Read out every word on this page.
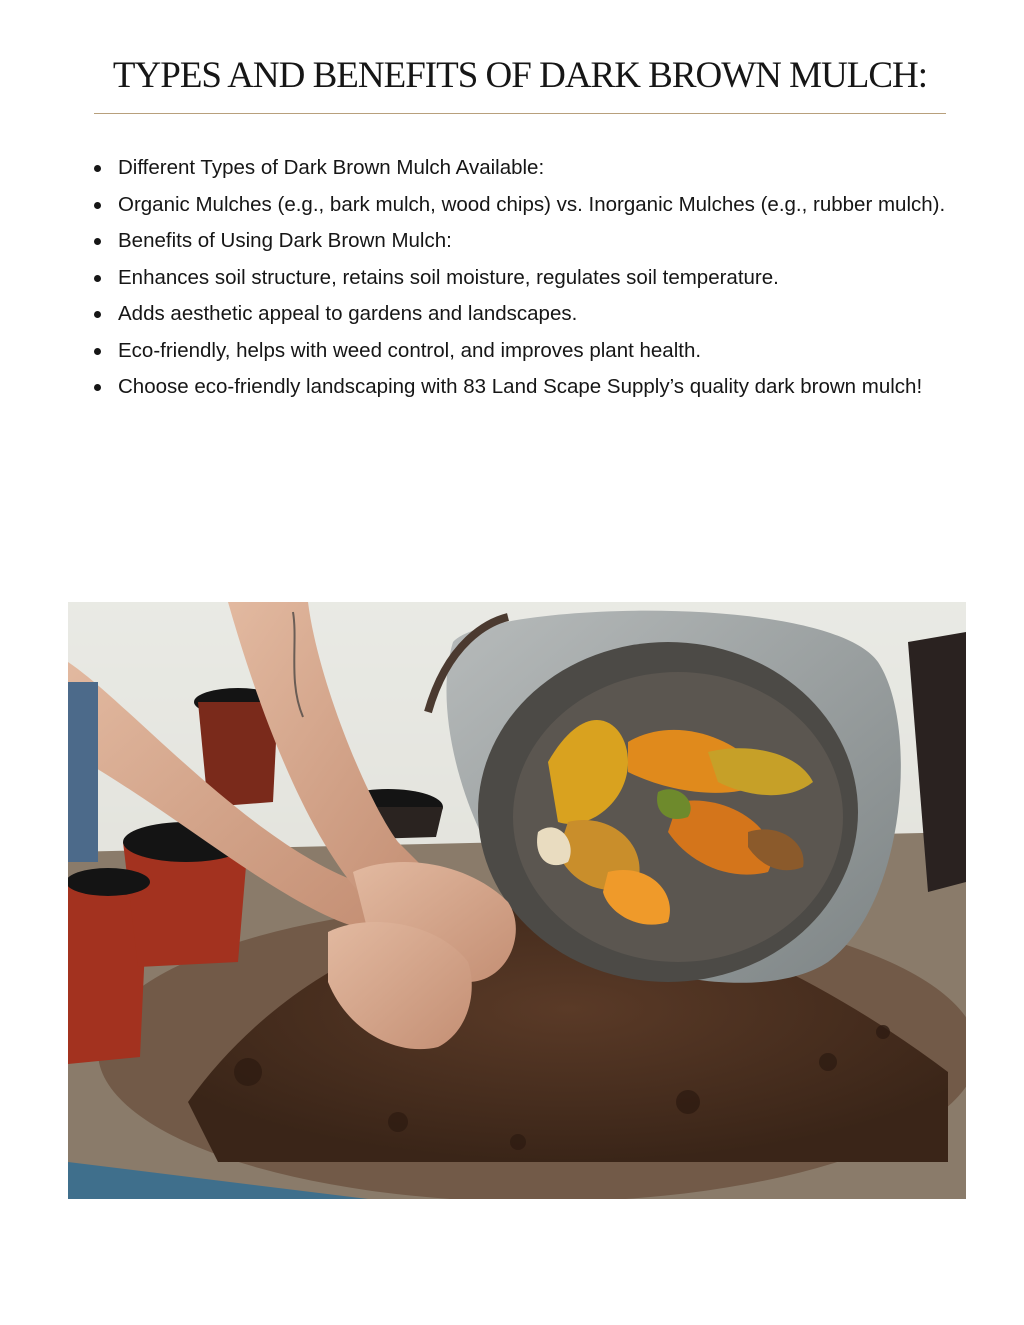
TYPES AND BENEFITS OF DARK BROWN MULCH:
Different Types of Dark Brown Mulch Available:
Organic Mulches (e.g., bark mulch, wood chips) vs. Inorganic Mulches (e.g., rubber mulch).
Benefits of Using Dark Brown Mulch:
Enhances soil structure, retains soil moisture, regulates soil temperature.
Adds aesthetic appeal to gardens and landscapes.
Eco-friendly, helps with weed control, and improves plant health.
Choose eco-friendly landscaping with 83 Land Scape Supply’s quality dark brown mulch!
